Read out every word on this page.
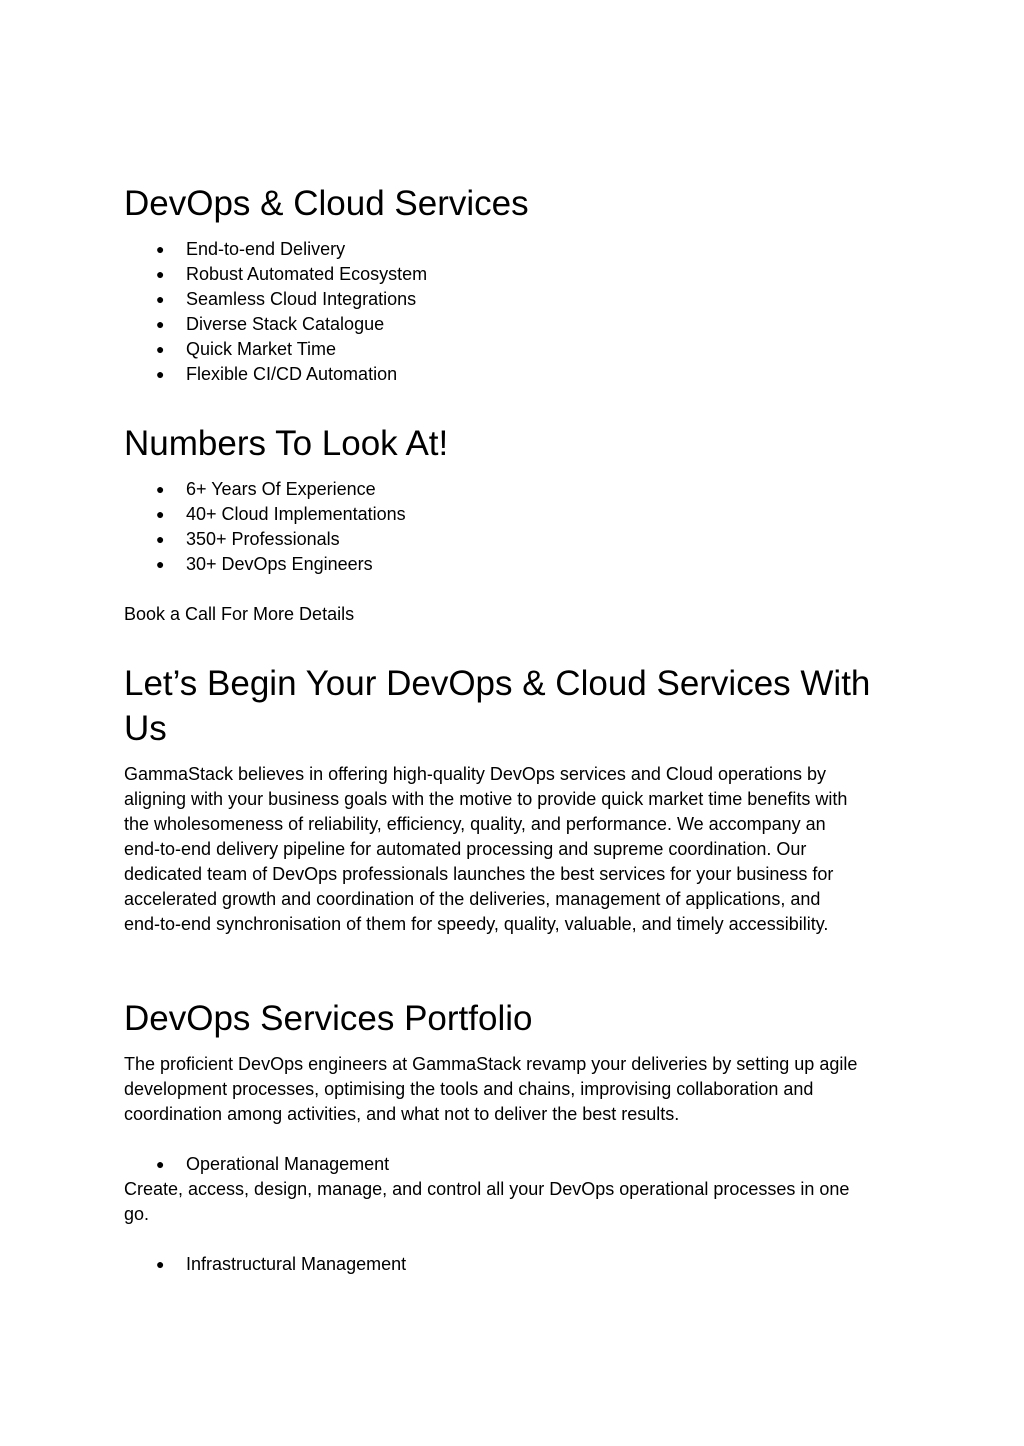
DevOps & Cloud Services
● End-to-end Delivery
● Robust Automated Ecosystem
● Seamless Cloud Integrations
● Diverse Stack Catalogue
● Quick Market Time
● Flexible CI/CD Automation
Numbers To Look At!
● 6+ Years Of Experience
● 40+ Cloud Implementations
● 350+ Professionals
● 30+ DevOps Engineers

Book a Call For More Details

Let’s Begin Your DevOps & Cloud Services With
Us
GammaStack believes in offering high-quality DevOps services and Cloud operations by
aligning with your business goals with the motive to provide quick market time benefits with
the wholesomeness of reliability, efficiency, quality, and performance. We accompany an
end-to-end delivery pipeline for automated processing and supreme coordination. Our
dedicated team of DevOps professionals launches the best services for your business for
accelerated growth and coordination of the deliveries, management of applications, and
end-to-end synchronisation of them for speedy, quality, valuable, and timely accessibility.
DevOps Services Portfolio
The proficient DevOps engineers at GammaStack revamp your deliveries by setting up agile
development processes, optimising the tools and chains, improvising collaboration and
coordination among activities, and what not to deliver the best results.
● Operational Management
Create, access, design, manage, and control all your DevOps operational processes in one
go.
● Infrastructural Management
